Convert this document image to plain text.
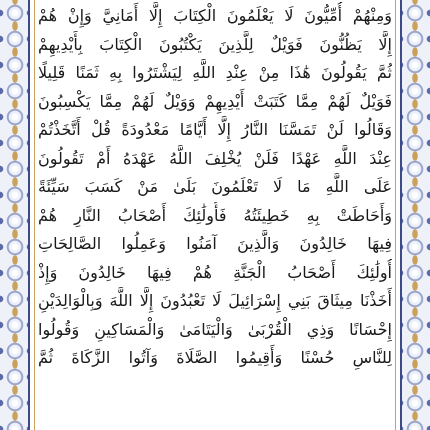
وَمِنْهُمْ أُمِّيُّونَ لَا يَعْلَمُونَ الْكِتَابَ إِلَّا أَمَانِيَّ وَإِنْ هُمْ
إِلَّا يَظُنُّونَ فَوَيْلٌ لِلَّذِينَ يَكْتُبُونَ الْكِتَابَ بِأَيْدِيهِمْ
ثُمَّ يَقُولُونَ هَٰذَا مِنْ عِنْدِ اللَّهِ لِيَشْتَرُوا بِهِ ثَمَنًا قَلِيلًا
فَوَيْلٌ لَهُمْ مِمَّا كَتَبَتْ أَيْدِيهِمْ وَوَيْلٌ لَهُمْ مِمَّا يَكْسِبُونَ
وَقَالُوا لَنْ تَمَسَّنَا النَّارُ إِلَّا أَيَّامًا مَعْدُودَةً قُلْ أَتَّخَذْتُمْ
عِنْدَ اللَّهِ عَهْدًا فَلَنْ يُخْلِفَ اللَّهُ عَهْدَهُ أَمْ تَقُولُونَ
عَلَى اللَّهِ مَا لَا تَعْلَمُونَ بَلَىٰ مَنْ كَسَبَ سَيِّئَةً
وَأَحَاطَتْ بِهِ خَطِيئَتُهُ فَأُولَٰئِكَ أَصْحَابُ النَّارِ هُمْ
فِيهَا خَالِدُونَ وَالَّذِينَ آمَنُوا وَعَمِلُوا الصَّالِحَاتِ
أُولَٰئِكَ أَصْحَابُ الْجَنَّةِ هُمْ فِيهَا خَالِدُونَ وَإِذْ
أَخَذْنَا مِيثَاقَ بَنِي إِسْرَائِيلَ لَا تَعْبُدُونَ إِلَّا اللَّهَ وَبِالْوَالِدَيْنِ
إِحْسَانًا وَذِي الْقُرْبَىٰ وَالْيَتَامَىٰ وَالْمَسَاكِينِ وَقُولُوا
لِلنَّاسِ حُسْنًا وَأَقِيمُوا الصَّلَاةَ وَآتُوا الزَّكَاةَ ثُمَّ
